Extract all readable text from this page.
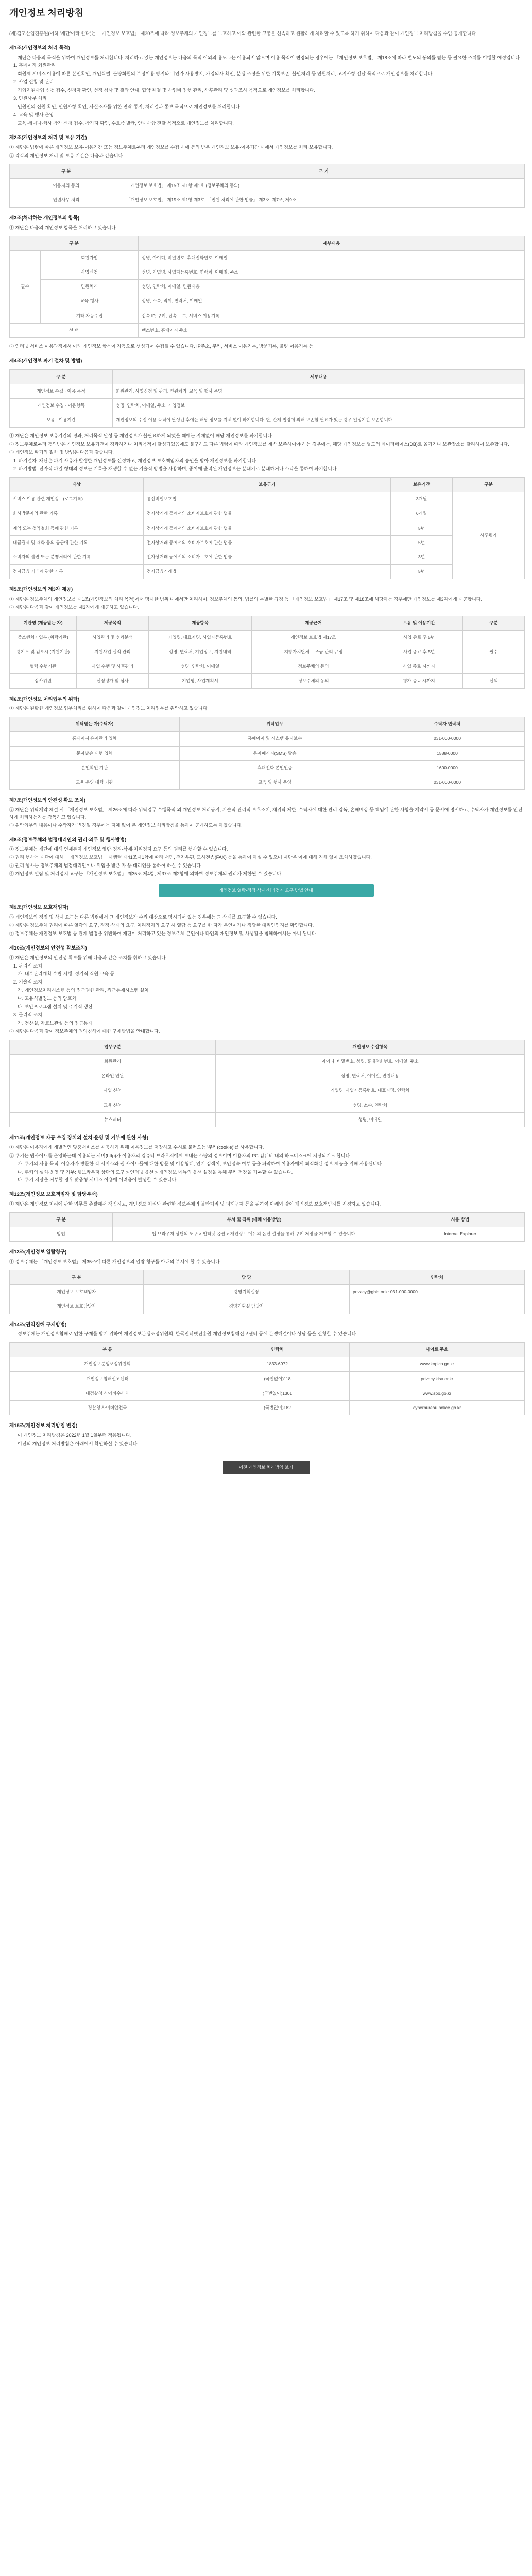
개인정보 처리방침

(재)김포산업진흥원(이하 '재단'이라 한다)는 「개인정보 보호법」 제30조에 따라 정보주체의 개인정보를 보호하고 이와 관련한 고충을 신속하고 원활하게 처리할 수 있도록 하기 위하여 다음과 같이 개인정보 처리방침을 수립·공개합니다.

제1조(개인정보의 처리 목적)

재단은 다음의 목적을 위하여 개인정보를 처리합니다. 처리하고 있는 개인정보는 다음의 목적 이외의 용도로는 이용되지 않으며 이용 목적이 변경되는 경우에는 「개인정보 보호법」 제18조에 따라 별도의 동의를 받는 등 필요한 조치를 이행할 예정입니다.

1. 홈페이지 회원관리

회원제 서비스 이용에 따른 본인확인, 개인식별, 불량회원의 부정이용 방지와 비인가 사용방지, 가입의사 확인, 분쟁 조정을 위한 기록보존, 불만처리 등 민원처리, 고지사항 전달 목적으로 개인정보를 처리합니다.

2. 사업 신청 및 관리

기업지원사업 신청 접수, 신청자 확인, 선정 심사 및 결과 안내, 협약 체결 및 사업비 집행 관리, 사후관리 및 성과조사 목적으로 개인정보를 처리합니다.

3. 민원사무 처리

민원인의 신원 확인, 민원사항 확인, 사실조사를 위한 연락·통지, 처리결과 통보 목적으로 개인정보를 처리합니다.

4. 교육 및 행사 운영

교육·세미나·행사 참가 신청 접수, 참가자 확인, 수료증 발급, 안내사항 전달 목적으로 개인정보를 처리합니다.

제2조(개인정보의 처리 및 보유 기간)

① 재단은 법령에 따른 개인정보 보유·이용기간 또는 정보주체로부터 개인정보를 수집 시에 동의 받은 개인정보 보유·이용기간 내에서 개인정보를 처리·보유합니다.

② 각각의 개인정보 처리 및 보유 기간은 다음과 같습니다.

구 분	근 거
이용자의 동의	「개인정보 보호법」 제15조 제1항 제1호 (정보주체의 동의)
민원사무 처리	「개인정보 보호법」 제15조 제1항 제3호, 「민원 처리에 관한 법률」 제3조, 제7조, 제9조
제3조(처리하는 개인정보의 항목)

① 재단은 다음의 개인정보 항목을 처리하고 있습니다.

구 분		세부내용
필수	회원가입	성명, 아이디, 비밀번호, 휴대전화번호, 이메일
	사업신청	성명, 기업명, 사업자등록번호, 연락처, 이메일, 주소
	민원처리	성명, 연락처, 이메일, 민원내용
	교육·행사	성명, 소속, 직위, 연락처, 이메일
	기타 자동수집	접속 IP, 쿠키, 접속 로그, 서비스 이용기록
선 택		팩스번호, 홈페이지 주소

② 인터넷 서비스 이용과정에서 아래 개인정보 항목이 자동으로 생성되어 수집될 수 있습니다. IP주소, 쿠키, 서비스 이용기록, 방문기록, 불량 이용기록 등

제4조(개인정보 파기 절차 및 방법)
구 분	세부내용
개인정보 수집 · 이용 목적	회원관리, 사업신청 및 관리, 민원처리, 교육 및 행사 운영
개인정보 수집 · 이용항목	성명, 연락처, 이메일, 주소, 기업정보
보유 · 이용기간	개인정보의 수집·이용 목적이 달성된 후에는 해당 정보를 지체 없이 파기합니다. 단, 관계 법령에 의해 보존할 필요가 있는 경우 일정기간 보존합니다.

① 재단은 개인정보 보유기간의 경과, 처리목적 달성 등 개인정보가 불필요하게 되었을 때에는 지체없이 해당 개인정보를 파기합니다.

② 정보주체로부터 동의받은 개인정보 보유기간이 경과하거나 처리목적이 달성되었음에도 불구하고 다른 법령에 따라 개인정보를 계속 보존하여야 하는 경우에는, 해당 개인정보를 별도의 데이터베이스(DB)로 옮기거나 보관장소를 달리하여 보존합니다.

③ 개인정보 파기의 절차 및 방법은 다음과 같습니다.

1. 파기절차: 재단은 파기 사유가 발생한 개인정보를 선정하고, 개인정보 보호책임자의 승인을 받아 개인정보를 파기합니다.

2. 파기방법: 전자적 파일 형태의 정보는 기록을 재생할 수 없는 기술적 방법을 사용하며, 종이에 출력된 개인정보는 분쇄기로 분쇄하거나 소각을 통하여 파기합니다.

대상	보유근거	보유기간	구분
서비스 이용 관련 개인정보(로그기록)	통신비밀보호법	3개월	사후평가
회사방문자의 관한 기록	전자상거래 등에서의 소비자보호에 관한 법률	6개월	
계약 또는 청약철회 등에 관한 기록	전자상거래 등에서의 소비자보호에 관한 법률	5년	
대금결제 및 재화 등의 공급에 관한 기록	전자상거래 등에서의 소비자보호에 관한 법률	5년	
소비자의 불만 또는 분쟁처리에 관한 기록	전자상거래 등에서의 소비자보호에 관한 법률	3년	
전자금융 거래에 관한 기록	전자금융거래법	5년	
제5조(개인정보의 제3자 제공)

① 재단은 정보주체의 개인정보를 제1조(개인정보의 처리 목적)에서 명시한 범위 내에서만 처리하며, 정보주체의 동의, 법률의 특별한 규정 등 「개인정보 보호법」 제17조 및 제18조에 해당하는 경우에만 개인정보를 제3자에게 제공합니다.

② 재단은 다음과 같이 개인정보를 제3자에게 제공하고 있습니다.

기관명 (제공받는 자)	제공목적	제공항목	제공근거	보유 및 이용기간	구분
중소벤처기업부 (위탁기관)	사업관리 및 성과분석	기업명, 대표자명, 사업자등록번호	개인정보 보호법 제17조	사업 종료 후 5년	
경기도 및 김포시 (지원기관)	지원사업 실적 관리	성명, 연락처, 기업정보, 지원내역	지방자치단체 보조금 관리 규정	사업 종료 후 5년	필수
협력 수행기관	사업 수행 및 사후관리	성명, 연락처, 이메일	정보주체의 동의	사업 종료 시까지	
심사위원	선정평가 및 심사	기업명, 사업계획서	정보주체의 동의	평가 종료 시까지	선택
제6조(개인정보 처리업무의 위탁)

① 재단은 원활한 개인정보 업무처리를 위하여 다음과 같이 개인정보 처리업무를 위탁하고 있습니다.

위탁받는 자(수탁자)	위탁업무	수탁자 연락처
홈페이지 유지관리 업체	홈페이지 및 시스템 유지보수	031-000-0000
문자발송 대행 업체	문자메시지(SMS) 발송	1588-0000
본인확인 기관	휴대전화 본인인증	1600-0000
교육 운영 대행 기관	교육 및 행사 운영	031-000-0000
제7조(개인정보의 안전성 확보 조치)

② 재단은 위탁계약 체결 시 「개인정보 보호법」 제26조에 따라 위탁업무 수행목적 외 개인정보 처리금지, 기술적·관리적 보호조치, 재위탁 제한, 수탁자에 대한 관리·감독, 손해배상 등 책임에 관한 사항을 계약서 등 문서에 명시하고, 수탁자가 개인정보를 안전하게 처리하는지를 감독하고 있습니다.

③ 위탁업무의 내용이나 수탁자가 변경될 경우에는 지체 없이 본 개인정보 처리방침을 통하여 공개하도록 하겠습니다.

제8조(정보주체와 법정대리인의 권리·의무 및 행사방법)

① 정보주체는 재단에 대해 언제든지 개인정보 열람·정정·삭제·처리정지 요구 등의 권리를 행사할 수 있습니다.

② 권리 행사는 재단에 대해 「개인정보 보호법」 시행령 제41조제1항에 따라 서면, 전자우편, 모사전송(FAX) 등을 통하여 하실 수 있으며 재단은 이에 대해 지체 없이 조치하겠습니다.

③ 권리 행사는 정보주체의 법정대리인이나 위임을 받은 자 등 대리인을 통하여 하실 수 있습니다.

④ 개인정보 열람 및 처리정지 요구는 「개인정보 보호법」 제35조 제4항, 제37조 제2항에 의하여 정보주체의 권리가 제한될 수 있습니다.

개인정보 열람·정정·삭제·처리정지 요구 방법 안내
제9조(개인정보 보호책임자)

⑤ 개인정보의 정정 및 삭제 요구는 다른 법령에서 그 개인정보가 수집 대상으로 명시되어 있는 경우에는 그 삭제를 요구할 수 없습니다.

⑥ 재단은 정보주체 권리에 따른 열람의 요구, 정정·삭제의 요구, 처리정지의 요구 시 열람 등 요구를 한 자가 본인이거나 정당한 대리인인지를 확인합니다.

⑦ 정보주체는 개인정보 보호법 등 관계 법령을 위반하여 재단이 처리하고 있는 정보주체 본인이나 타인의 개인정보 및 사생활을 침해하여서는 아니 됩니다.

제10조(개인정보의 안전성 확보조치)

① 재단은 개인정보의 안전성 확보를 위해 다음과 같은 조치를 취하고 있습니다.

1. 관리적 조치

가. 내부관리계획 수립·시행, 정기적 직원 교육 등

2. 기술적 조치

가. 개인정보처리시스템 등의 접근권한 관리, 접근통제시스템 설치

나. 고유식별정보 등의 암호화

다. 보안프로그램 설치 및 주기적 갱신

3. 물리적 조치

가. 전산실, 자료보관실 등의 접근통제

② 재단은 다음과 같이 정보주체의 권익침해에 대한 구제방법을 안내합니다.

업무구분	개인정보 수집항목
회원관리	아이디, 비밀번호, 성명, 휴대전화번호, 이메일, 주소
온라인 민원	성명, 연락처, 이메일, 민원내용
사업 신청	기업명, 사업자등록번호, 대표자명, 연락처
교육 신청	성명, 소속, 연락처
뉴스레터	성명, 이메일
제11조(개인정보 자동 수집 장치의 설치·운영 및 거부에 관한 사항)

① 재단은 이용자에게 개별적인 맞춤서비스를 제공하기 위해 이용정보를 저장하고 수시로 불러오는 '쿠키(cookie)'를 사용합니다.

② 쿠키는 웹사이트를 운영하는데 이용되는 서버(http)가 이용자의 컴퓨터 브라우저에게 보내는 소량의 정보이며 이용자의 PC 컴퓨터 내의 하드디스크에 저장되기도 합니다.

가. 쿠키의 사용 목적: 이용자가 방문한 각 서비스와 웹 사이트들에 대한 방문 및 이용형태, 인기 검색어, 보안접속 여부 등을 파악하여 이용자에게 최적화된 정보 제공을 위해 사용됩니다.

나. 쿠키의 설치·운영 및 거부: 웹브라우저 상단의 도구 > 인터넷 옵션 > 개인정보 메뉴의 옵션 설정을 통해 쿠키 저장을 거부할 수 있습니다.

다. 쿠키 저장을 거부할 경우 맞춤형 서비스 이용에 어려움이 발생할 수 있습니다.

제12조(개인정보 보호책임자 및 담당부서)

① 재단은 개인정보 처리에 관한 업무를 총괄해서 책임지고, 개인정보 처리와 관련한 정보주체의 불만처리 및 피해구제 등을 위하여 아래와 같이 개인정보 보호책임자를 지정하고 있습니다.

구 분	부서 및 직위 (매체 이용방법)	사용 방법
방법	웹 브라우저 상단의 도구 > 인터넷 옵션 > 개인정보 메뉴의 옵션 설정을 통해 쿠키 저장을 거부할 수 있습니다.	Internet Explorer
제13조(개인정보 열람청구)

① 정보주체는 「개인정보 보호법」 제35조에 따른 개인정보의 열람 청구를 아래의 부서에 할 수 있습니다.

구 분	담 당	연락처
개인정보 보호책임자	경영기획실장	privacy@gbia.or.kr 031-000-0000
개인정보 보호담당자	경영기획실 담당자	
제14조(권익침해 구제방법)

정보주체는 개인정보침해로 인한 구제를 받기 위하여 개인정보분쟁조정위원회, 한국인터넷진흥원 개인정보침해신고센터 등에 분쟁해결이나 상담 등을 신청할 수 있습니다.

분 류	연락처	사이트 주소
개인정보분쟁조정위원회	1833-6972	www.kopico.go.kr
개인정보침해신고센터	(국번없이)118	privacy.kisa.or.kr
대검찰청 사이버수사과	(국번없이)1301	www.spo.go.kr
경찰청 사이버안전국	(국번없이)182	cyberbureau.police.go.kr
제15조(개인정보 처리방침 변경)

이 개인정보 처리방침은 2022년 1월 1일부터 적용됩니다.

이전의 개인정보 처리방침은 아래에서 확인하실 수 있습니다.

이전 개인정보 처리방침 보기
